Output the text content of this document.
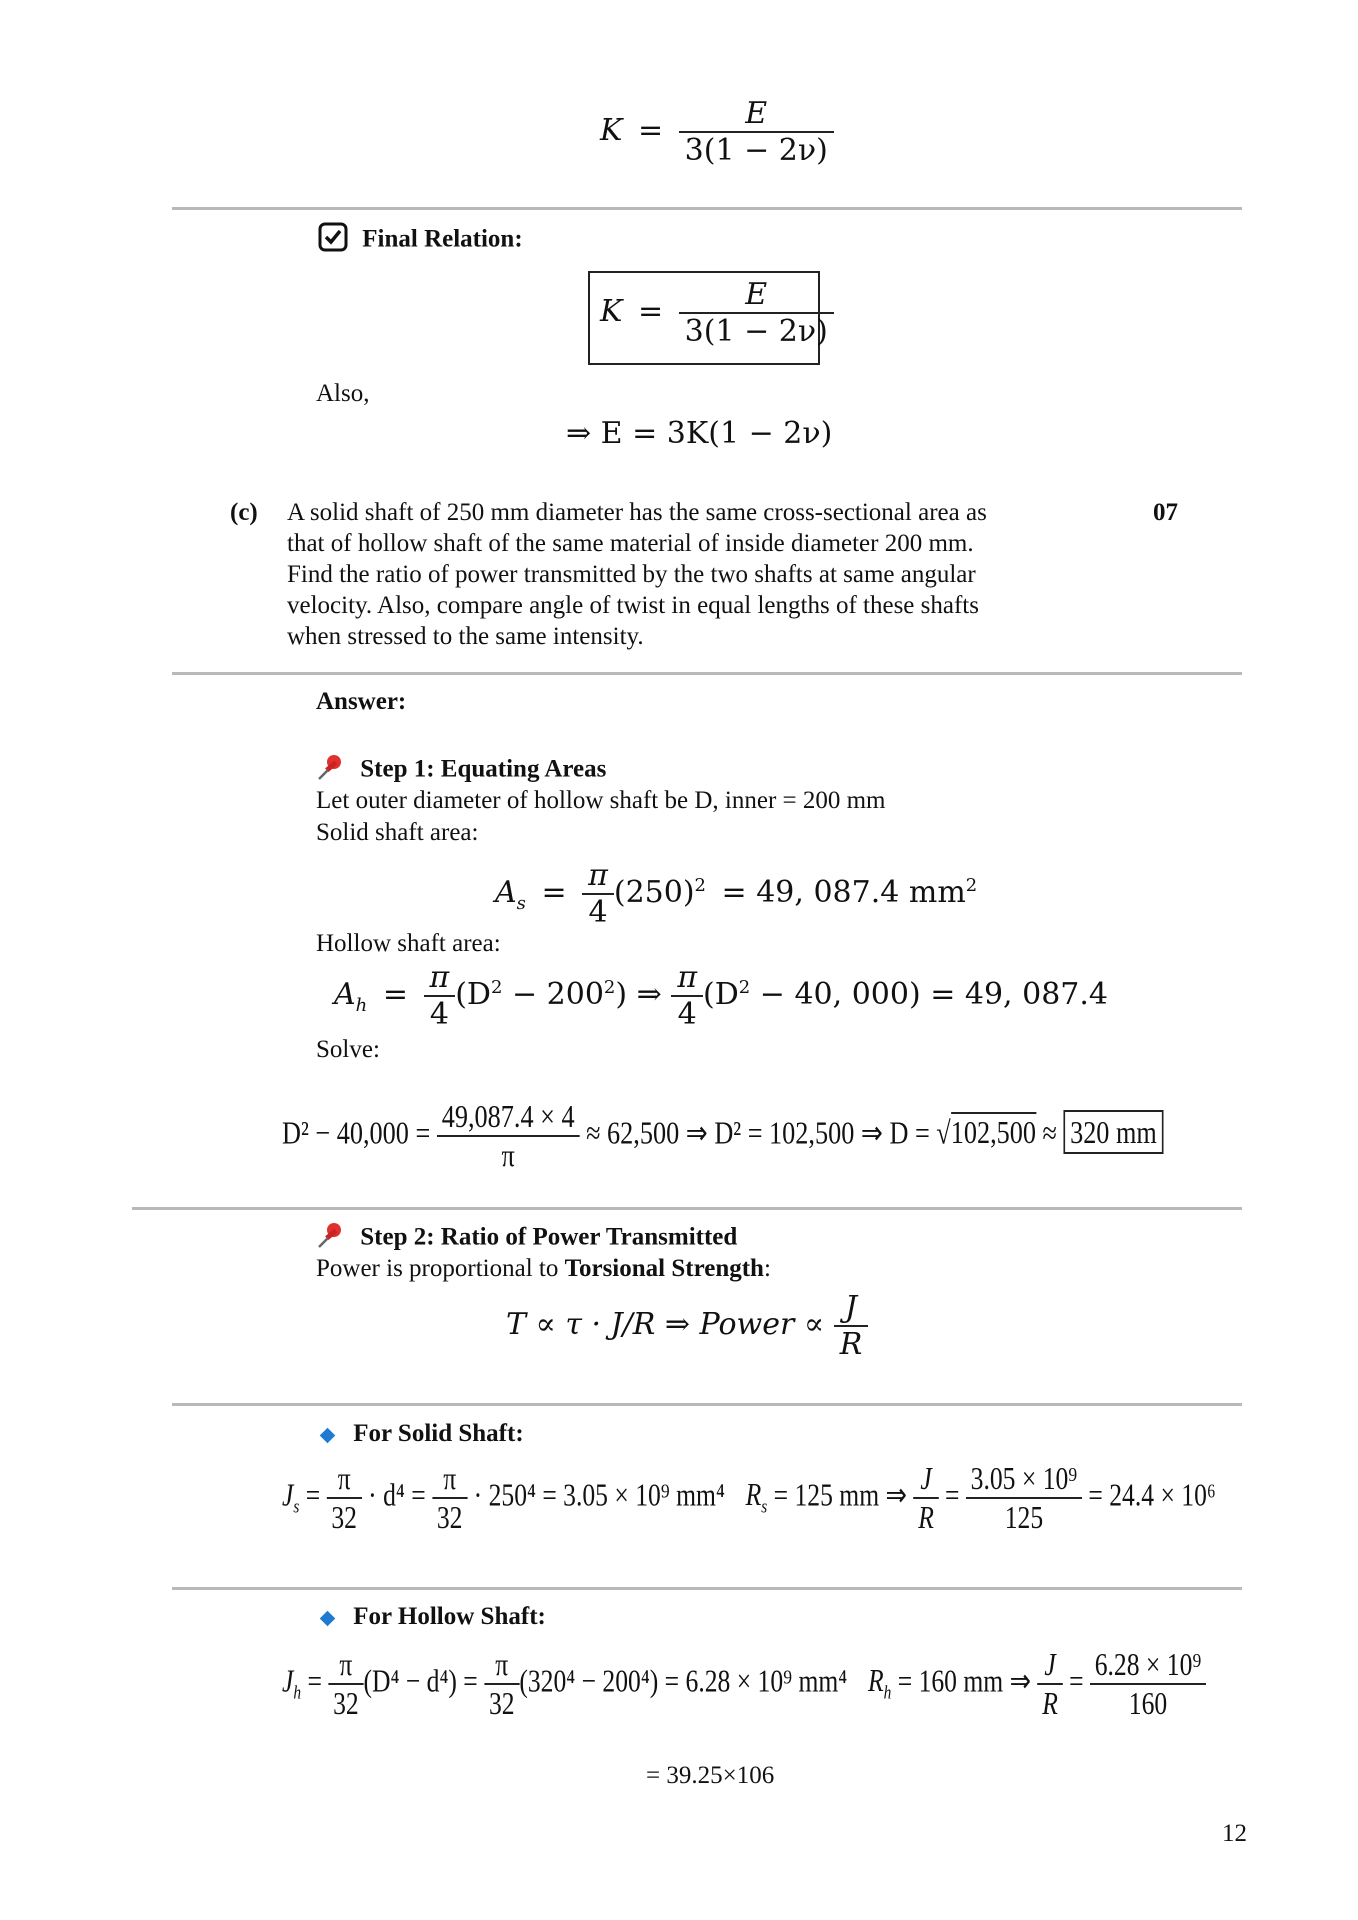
$K = \frac{E}{3(1 - 2\nu)}$
Final Relation:
$K = \frac{E}{3(1 - 2\nu)}$
Also,
⇒ E = 3K(1 − 2ν)
(c)	07
A solid shaft of 250 mm diameter has the same cross-sectional area as
that of hollow shaft of the same material of inside diameter 200 mm.
Find the ratio of power transmitted by the two shafts at same angular
velocity. Also, compare angle of twist in equal lengths of these shafts
when stressed to the same intensity.
Answer:
Step 1: Equating Areas
Let outer diameter of hollow shaft be D, inner = 200 mm
Solid shaft area:
$A_s = \frac{\pi}{4} (250)^2 = 49$, 087.4 $mm^2$
Hollow shaft area:
$A_h = \frac{\pi}{4} (D^2 - 200^2)$ ⇒ $\frac{\pi}{4} (D^2 - 40$, 000) = 49, 087.4
Solve:
$D^2 - 40,000 = \frac{49,087.4 \times 4}{\pi} \approx 62,500$ ⇒ D² = 102,500 ⇒ D = √102,500 ≈ 320 mm
Step 2: Ratio of Power Transmitted
Power is proportional to Torsional Strength:
T ∝ τ · J/R ⇒ Power ∝ $\frac{J}{R}$
For Solid Shaft:
$J_s = \frac{\pi}{32} \cdot d^4 = \frac{\pi}{32} \cdot 250^4 = 3.05 \times 10^9$ mm⁴ $R_s = 125$ mm ⇒ $\frac{J}{R} = \frac{\text{3.05 × 10⁹}}{125} = 24.4 \times 10^6$
For Hollow Shaft:
$J_h = \frac{\pi}{32} (D^4 - d^4) = \frac{\pi}{32} (320^4 - 200^4) = 6.28 \times 10^9$ mm⁴ $R_h = 160$ mm ⇒ $\frac{J}{R} = \frac{\text{6.28 × 10⁹}}{160}$
= 39.25×106
12
